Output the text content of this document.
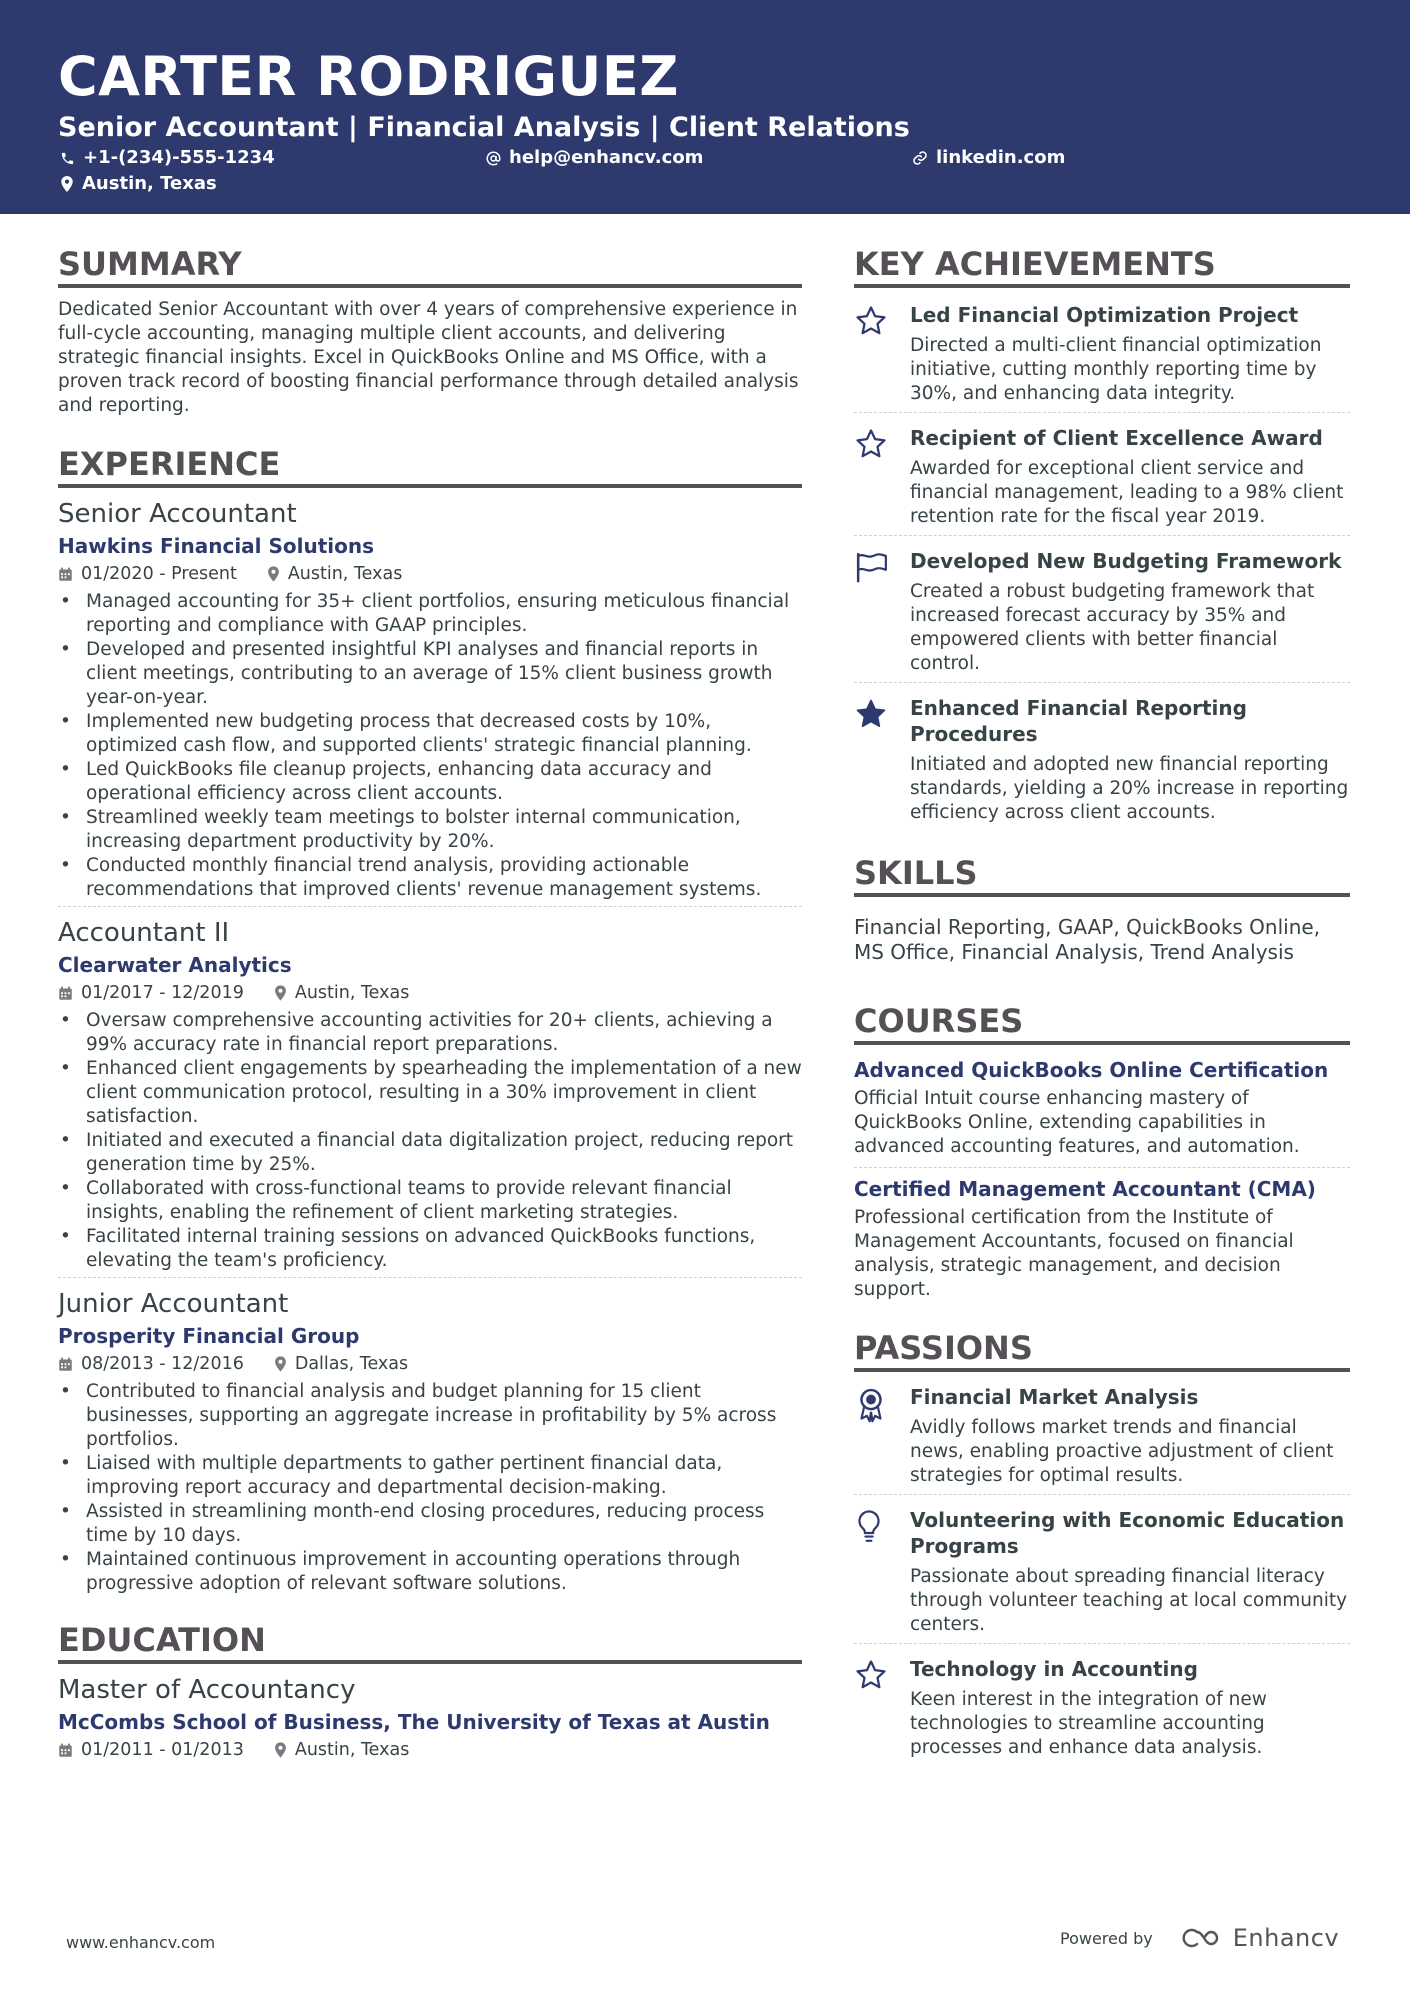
CARTER RODRIGUEZ
Senior Accountant | Financial Analysis | Client Relations
+1-(234)-555-1234	help@enhancv.com	linkedin.com
Austin, Texas
SUMMARY

Dedicated Senior Accountant with over 4 years of comprehensive experience in full-cycle accounting, managing multiple client accounts, and delivering strategic financial insights. Excel in QuickBooks Online and MS Office, with a proven track record of boosting financial performance through detailed analysis and reporting.

EXPERIENCE

Senior Accountant

Hawkins Financial Solutions

01/2020 - Present	Austin, Texas
• Managed accounting for 35+ client portfolios, ensuring meticulous financial reporting and compliance with GAAP principles.
• Developed and presented insightful KPI analyses and financial reports in client meetings, contributing to an average of 15% client business growth year-on-year.
• Implemented new budgeting process that decreased costs by 10%, optimized cash flow, and supported clients' strategic financial planning.
• Led QuickBooks file cleanup projects, enhancing data accuracy and operational efficiency across client accounts.
• Streamlined weekly team meetings to bolster internal communication, increasing department productivity by 20%.
• Conducted monthly financial trend analysis, providing actionable recommendations that improved clients' revenue management systems.

Accountant II

Clearwater Analytics

01/2017 - 12/2019	Austin, Texas
• Oversaw comprehensive accounting activities for 20+ clients, achieving a 99% accuracy rate in financial report preparations.
• Enhanced client engagements by spearheading the implementation of a new client communication protocol, resulting in a 30% improvement in client satisfaction.
• Initiated and executed a financial data digitalization project, reducing report generation time by 25%.
• Collaborated with cross-functional teams to provide relevant financial insights, enabling the refinement of client marketing strategies.
• Facilitated internal training sessions on advanced QuickBooks functions, elevating the team's proficiency.

Junior Accountant

Prosperity Financial Group

08/2013 - 12/2016	Dallas, Texas
• Contributed to financial analysis and budget planning for 15 client businesses, supporting an aggregate increase in profitability by 5% across portfolios.
• Liaised with multiple departments to gather pertinent financial data, improving report accuracy and departmental decision-making.
• Assisted in streamlining month-end closing procedures, reducing process time by 10 days.
• Maintained continuous improvement in accounting operations through progressive adoption of relevant software solutions.
EDUCATION

Master of Accountancy

McCombs School of Business, The University of Texas at Austin

01/2011 - 01/2013	Austin, Texas
KEY ACHIEVEMENTS

Led Financial Optimization Project

Directed a multi-client financial optimization initiative, cutting monthly reporting time by 30%, and enhancing data integrity.

Recipient of Client Excellence Award

Awarded for exceptional client service and financial management, leading to a 98% client retention rate for the fiscal year 2019.

Developed New Budgeting Framework

Created a robust budgeting framework that increased forecast accuracy by 35% and empowered clients with better financial control.

Enhanced Financial Reporting Procedures

Initiated and adopted new financial reporting standards, yielding a 20% increase in reporting efficiency across client accounts.

SKILLS

Financial Reporting, GAAP, QuickBooks Online, MS Office, Financial Analysis, Trend Analysis

COURSES

Advanced QuickBooks Online Certification

Official Intuit course enhancing mastery of QuickBooks Online, extending capabilities in advanced accounting features, and automation.

Certified Management Accountant (CMA)

Professional certification from the Institute of Management Accountants, focused on financial analysis, strategic management, and decision support.

PASSIONS

Financial Market Analysis

Avidly follows market trends and financial news, enabling proactive adjustment of client strategies for optimal results.

Volunteering with Economic Education Programs

Passionate about spreading financial literacy through volunteer teaching at local community centers.

Technology in Accounting

Keen interest in the integration of new technologies to streamline accounting processes and enhance data analysis.

www.enhancv.com	Powered by	Enhancv
